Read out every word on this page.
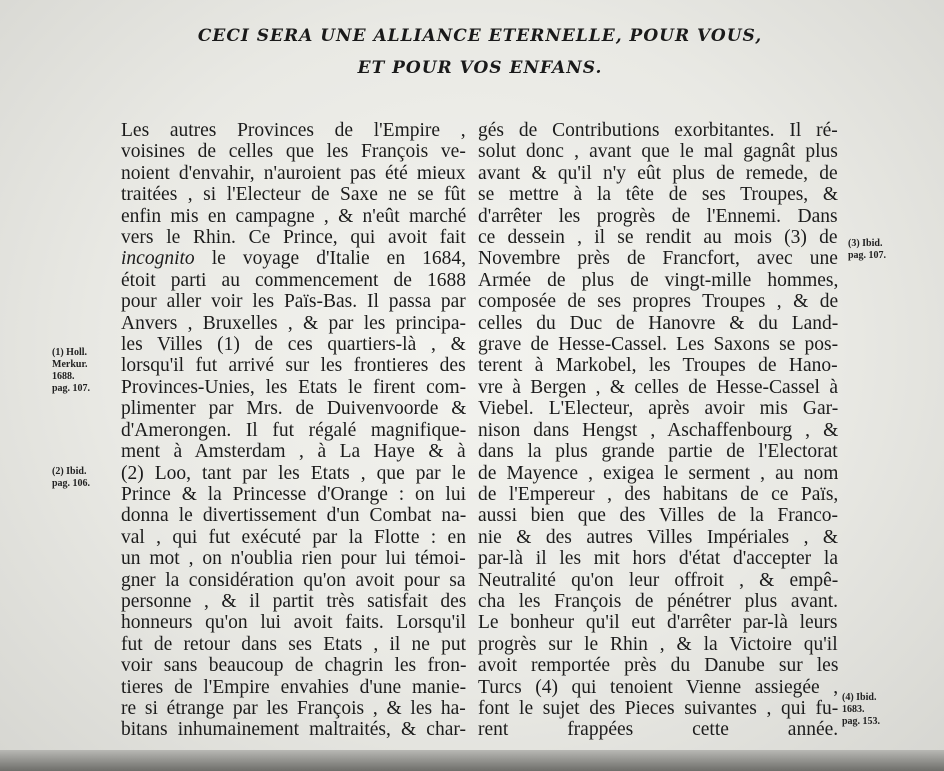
CECI SERA UNE ALLIANCE ETERNELLE, POUR VOUS,
ET POUR VOS ENFANS.
Les autres Provinces de l'Empire ,
voisines de celles que les François ve-
noient d'envahir, n'auroient pas été mieux
traitées , si l'Electeur de Saxe ne se fût
enfin mis en campagne , & n'eût marché
vers le Rhin. Ce Prince, qui avoit fait
incognito le voyage d'Italie en 1684,
étoit parti au commencement de 1688
pour aller voir les Païs-Bas. Il passa par
Anvers , Bruxelles , & par les principa-
les Villes (1) de ces quartiers-là , &
lorsqu'il fut arrivé sur les frontieres des
Provinces-Unies, les Etats le firent com-
plimenter par Mrs. de Duivenvoorde &
d'Amerongen. Il fut régalé magnifique-
ment à Amsterdam , à La Haye & à
(2) Loo, tant par les Etats , que par le
Prince & la Princesse d'Orange : on lui
donna le divertissement d'un Combat na-
val , qui fut exécuté par la Flotte : en
un mot , on n'oublia rien pour lui témoi-
gner la considération qu'on avoit pour sa
personne , & il partit très satisfait des
honneurs qu'on lui avoit faits. Lorsqu'il
fut de retour dans ses Etats , il ne put
voir sans beaucoup de chagrin les fron-
tieres de l'Empire envahies d'une manie-
re si étrange par les François , & les ha-
bitans inhumainement maltraités, & char-
gés de Contributions exorbitantes. Il ré-
solut donc , avant que le mal gagnât plus
avant & qu'il n'y eût plus de remede, de
se mettre à la tête de ses Troupes, &
d'arrêter les progrès de l'Ennemi. Dans
ce dessein , il se rendit au mois (3) de
Novembre près de Francfort, avec une
Armée de plus de vingt-mille hommes,
composée de ses propres Troupes , & de
celles du Duc de Hanovre & du Land-
grave de Hesse-Cassel. Les Saxons se pos-
terent à Markobel, les Troupes de Hano-
vre à Bergen , & celles de Hesse-Cassel à
Viebel. L'Electeur, après avoir mis Gar-
nison dans Hengst , Aschaffenbourg , &
dans la plus grande partie de l'Electorat
de Mayence , exigea le serment , au nom
de l'Empereur , des habitans de ce Païs,
aussi bien que des Villes de la Franco-
nie & des autres Villes Impériales , &
par-là il les mit hors d'état d'accepter la
Neutralité qu'on leur offroit , & empê-
cha les François de pénétrer plus avant.
Le bonheur qu'il eut d'arrêter par-là leurs
progrès sur le Rhin , & la Victoire qu'il
avoit remportée près du Danube sur les
Turcs (4) qui tenoient Vienne assiegée ,
font le sujet des Pieces suivantes , qui fu-
rent frappées cette année.
(1) Holl.
Merkur.
1688.
pag. 107.
(2) Ibid.
pag. 106.
(3) Ibid.
pag. 107.
(4) Ibid.
1683.
pag. 153.
